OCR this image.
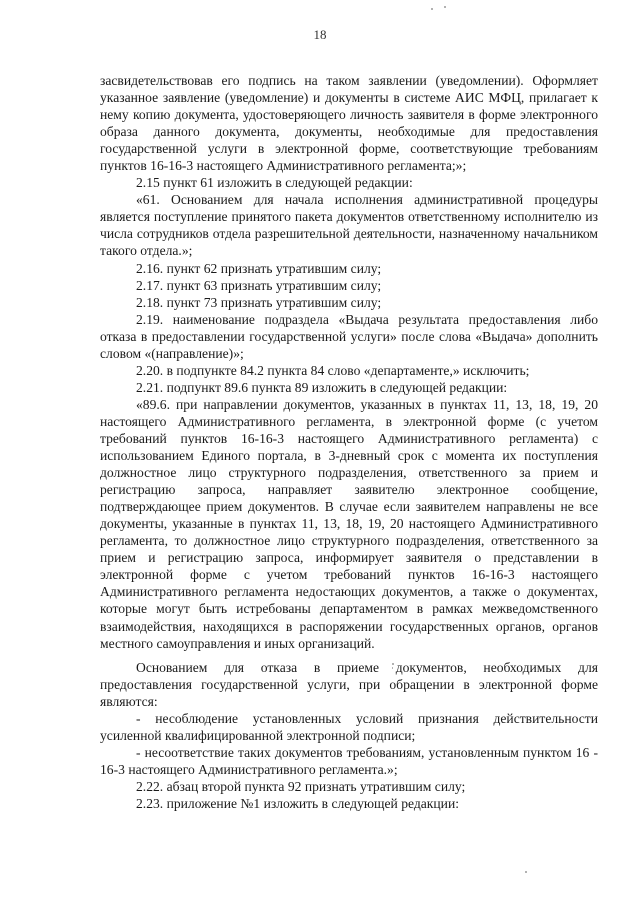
18

засвидетельствовав его подпись на таком заявлении (уведомлении). Оформляет указанное заявление (уведомление) и документы в системе АИС МФЦ, прилагает к нему копию документа, удостоверяющего личность заявителя в форме электронного образа данного документа, документы, необходимые для предоставления государственной услуги в электронной форме, соответствующие требованиям пунктов 16-16-3 настоящего Административного регламента;»;

2.15 пункт 61 изложить в следующей редакции:

«61. Основанием для начала исполнения административной процедуры является поступление принятого пакета документов ответственному исполнителю из числа сотрудников отдела разрешительной деятельности, назначенному начальником такого отдела.»;

2.16. пункт 62 признать утратившим силу;

2.17. пункт 63 признать утратившим силу;

2.18. пункт 73 признать утратившим силу;

2.19. наименование подраздела «Выдача результата предоставления либо отказа в предоставлении государственной услуги» после слова «Выдача» дополнить словом «(направление)»;

2.20. в подпункте 84.2 пункта 84 слово «департаменте,» исключить;

2.21. подпункт 89.6 пункта 89 изложить в следующей редакции:

«89.6. при направлении документов, указанных в пунктах 11, 13, 18, 19, 20 настоящего Административного регламента, в электронной форме (с учетом требований пунктов 16-16-3 настоящего Административного регламента) с использованием Единого портала, в 3-дневный срок с момента их поступления должностное лицо структурного подразделения, ответственного за прием и регистрацию запроса, направляет заявителю электронное сообщение, подтверждающее прием документов. В случае если заявителем направлены не все документы, указанные в пунктах 11, 13, 18, 19, 20 настоящего Административного регламента, то должностное лицо структурного подразделения, ответственного за прием и регистрацию запроса, информирует заявителя о представлении в электронной форме с учетом требований пунктов 16-16-3 настоящего Административного регламента недостающих документов, а также о документах, которые могут быть истребованы департаментом в рамках межведомственного взаимодействия, находящихся в распоряжении государственных органов, органов местного самоуправления и иных организаций.

Основанием для отказа в приеме документов, необходимых для предоставления государственной услуги, при обращении в электронной форме являются:

- несоблюдение установленных условий признания действительности усиленной квалифицированной электронной подписи;

- несоответствие таких документов требованиям, установленным пунктом 16 - 16-3 настоящего Административного регламента.»;

2.22. абзац второй пункта 92 признать утратившим силу;

2.23. приложение №1 изложить в следующей редакции:
